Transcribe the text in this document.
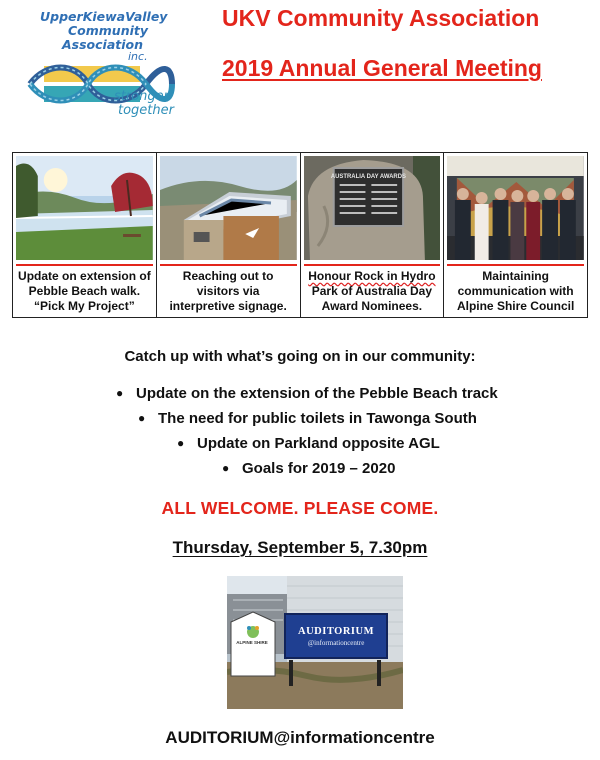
UpperKiewaValley
Community
Association
inc.
stronger
together
UKV Community Association
2019 Annual General Meeting
Update on extension of
Pebble Beach walk.
“Pick My Project”
Reaching out to
visitors via
interpretive signage.
AUSTRALIA DAY AWARDS
Honour Rock in Hydro
Park of Australia Day
Award Nominees.
Maintaining
communication with
Alpine Shire Council
Catch up with what’s going on in our community:
● Update on the extension of the Pebble Beach track
● The need for public toilets in Tawonga South
● Update on Parkland opposite AGL
● Goals for 2019 – 2020
ALL WELCOME. PLEASE COME.
Thursday, September 5, 7.30pm
ALPINE SHIRE
AUDITORIUM
@informationcentre
AUDITORIUM@informationcentre
